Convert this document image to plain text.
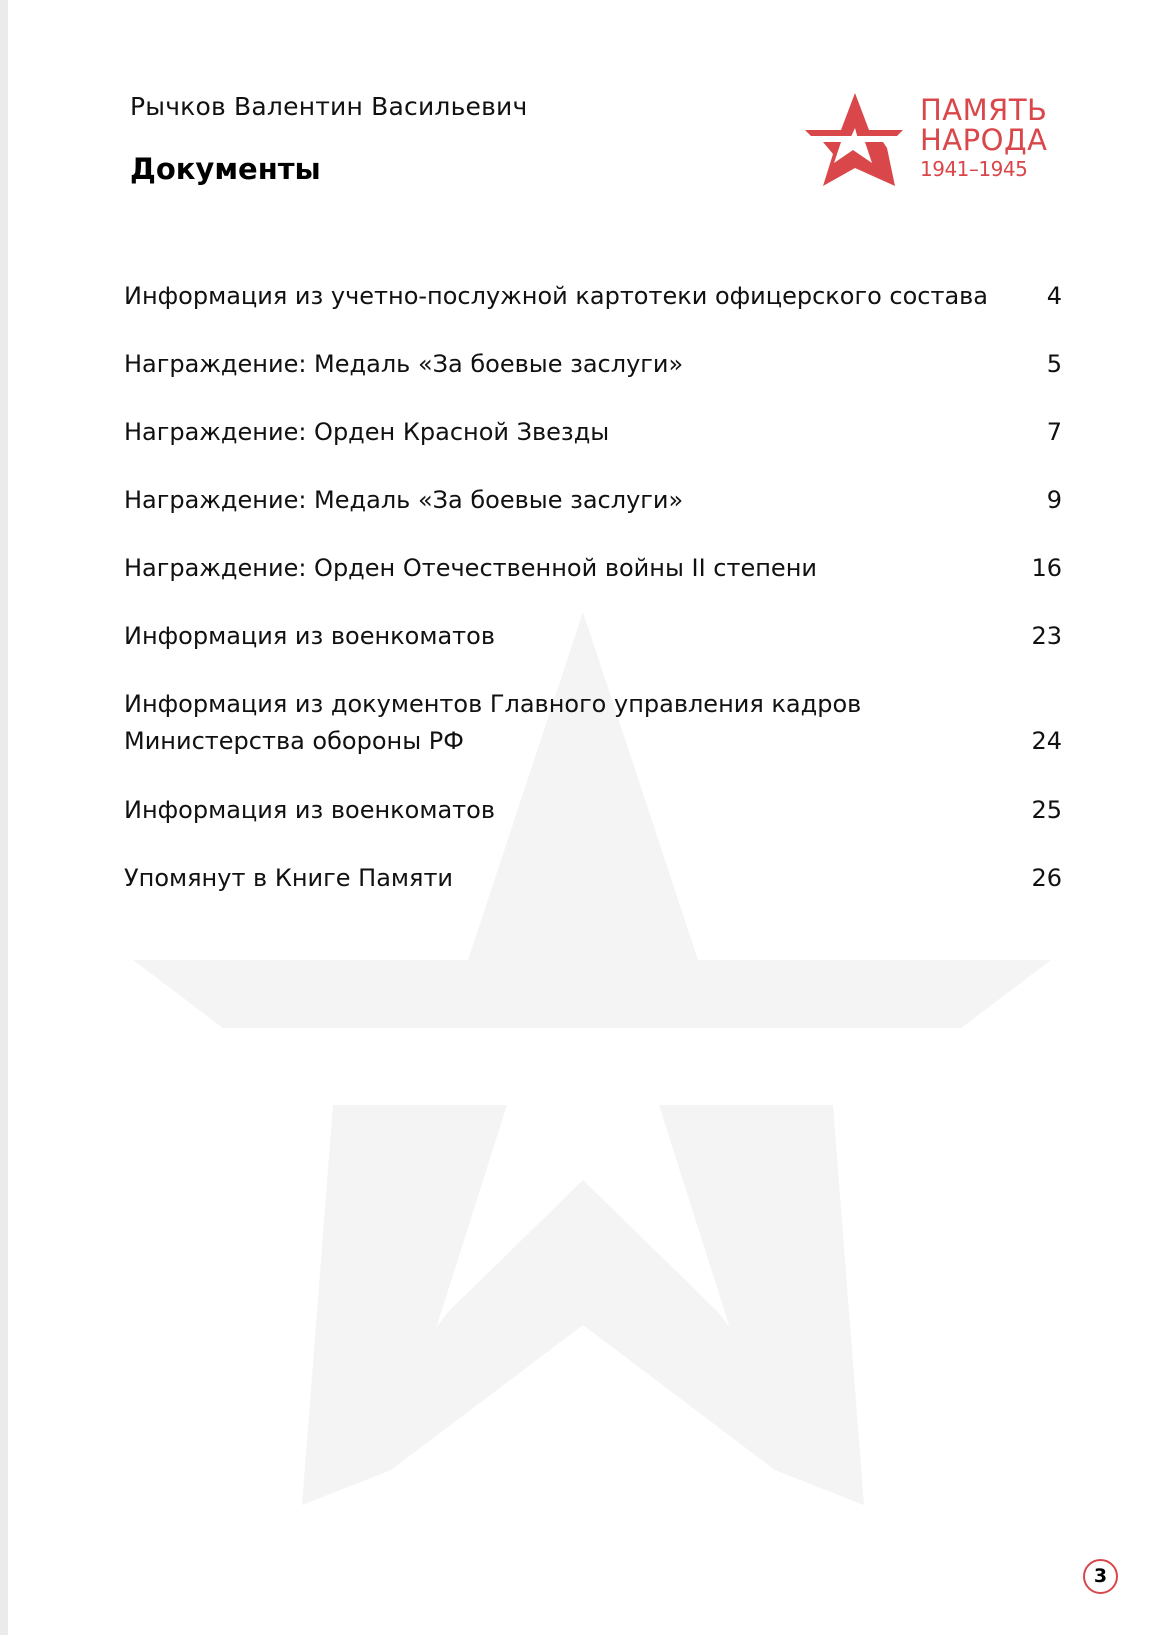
Рычков Валентин Васильевич
Документы
ПАМЯТЬ
НАРОДА
1941–1945
Информация из учетно-послужной картотеки офицерского состава	4
Награждение: Медаль «За боевые заслуги»	5
Награждение: Орден Красной Звезды	7
Награждение: Медаль «За боевые заслуги»	9
Награждение: Орден Отечественной войны II степени	16
Информация из военкоматов	23
Информация из документов Главного управления кадров Министерства обороны РФ	24
Информация из военкоматов	25
Упомянут в Книге Памяти	26
3
